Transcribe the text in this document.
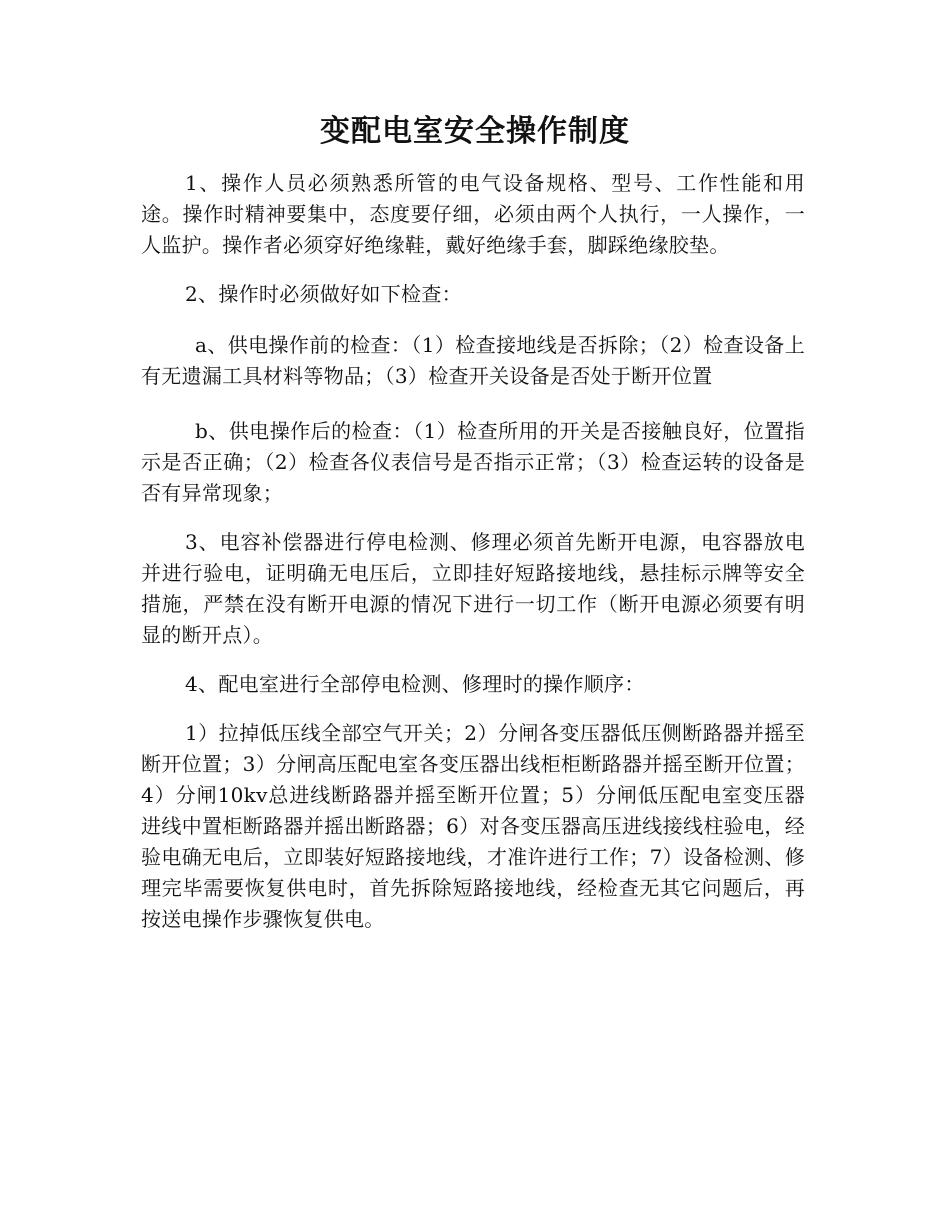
变配电室安全操作制度

1、操作人员必须熟悉所管的电气设备规格、型号、工作性能和用途。操作时精神要集中，态度要仔细，必须由两个人执行，一人操作，一人监护。操作者必须穿好绝缘鞋，戴好绝缘手套，脚踩绝缘胶垫。

2、操作时必须做好如下检查：

a、供电操作前的检查：（1）检查接地线是否拆除；（2）检查设备上有无遗漏工具材料等物品；（3）检查开关设备是否处于断开位置

b、供电操作后的检查：（1）检查所用的开关是否接触良好，位置指示是否正确；（2）检查各仪表信号是否指示正常；（3）检查运转的设备是否有异常现象；

3、电容补偿器进行停电检测、修理必须首先断开电源，电容器放电并进行验电，证明确无电压后，立即挂好短路接地线，悬挂标示牌等安全措施，严禁在没有断开电源的情况下进行一切工作（断开电源必须要有明显的断开点）。

4、配电室进行全部停电检测、修理时的操作顺序：

1）拉掉低压线全部空气开关；2）分闸各变压器低压侧断路器并摇至断开位置；3）分闸高压配电室各变压器出线柜柜断路器并摇至断开位置；4）分闸10kv总进线断路器并摇至断开位置；5）分闸低压配电室变压器进线中置柜断路器并摇出断路器；6）对各变压器高压进线接线柱验电，经验电确无电后，立即装好短路接地线，才准许进行工作；7）设备检测、修理完毕需要恢复供电时，首先拆除短路接地线，经检查无其它问题后，再按送电操作步骤恢复供电。
